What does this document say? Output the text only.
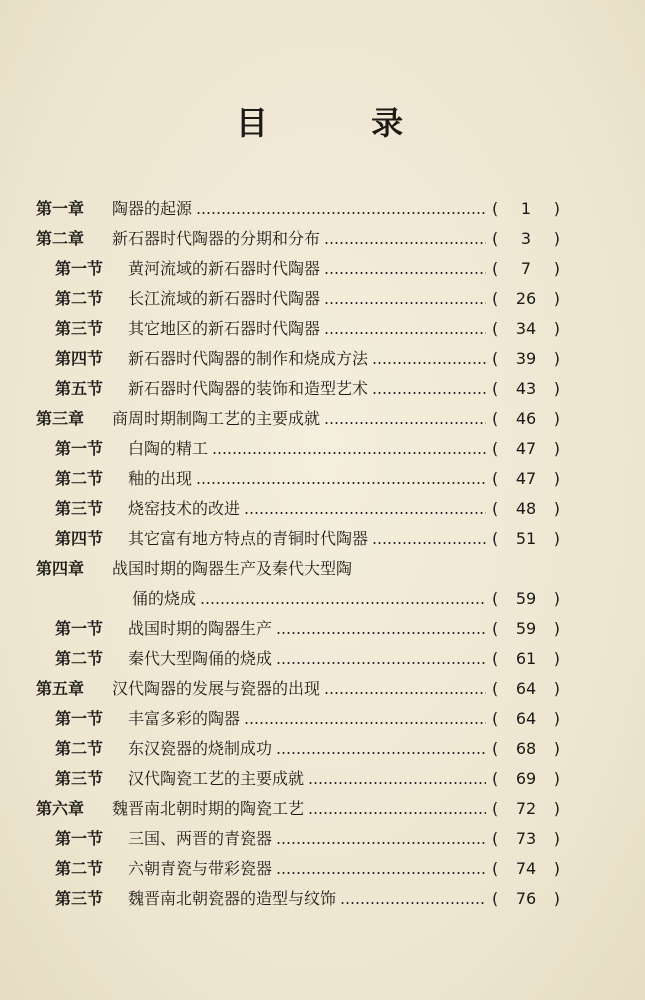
目 录
第一章 陶器的起源	(	1	)
第二章 新石器时代陶器的分期和分布	(	3	)
第一节 黄河流域的新石器时代陶器	(	7	)
第二节 长江流域的新石器时代陶器	(	26	)
第三节 其它地区的新石器时代陶器	(	34	)
第四节 新石器时代陶器的制作和烧成方法	(	39	)
第五节 新石器时代陶器的装饰和造型艺术	(	43	)
第三章 商周时期制陶工艺的主要成就	(	46	)
第一节 白陶的精工	(	47	)
第二节 釉的出现	(	47	)
第三节 烧窑技术的改进	(	48	)
第四节 其它富有地方特点的青铜时代陶器	(	51	)
第四章 战国时期的陶器生产及秦代大型陶
俑的烧成	(	59	)
第一节 战国时期的陶器生产	(	59	)
第二节 秦代大型陶俑的烧成	(	61	)
第五章 汉代陶器的发展与瓷器的出现	(	64	)
第一节 丰富多彩的陶器	(	64	)
第二节 东汉瓷器的烧制成功	(	68	)
第三节 汉代陶瓷工艺的主要成就	(	69	)
第六章 魏晋南北朝时期的陶瓷工艺	(	72	)
第一节 三国、两晋的青瓷器	(	73	)
第二节 六朝青瓷与带彩瓷器	(	74	)
第三节 魏晋南北朝瓷器的造型与纹饰	(	76	)
